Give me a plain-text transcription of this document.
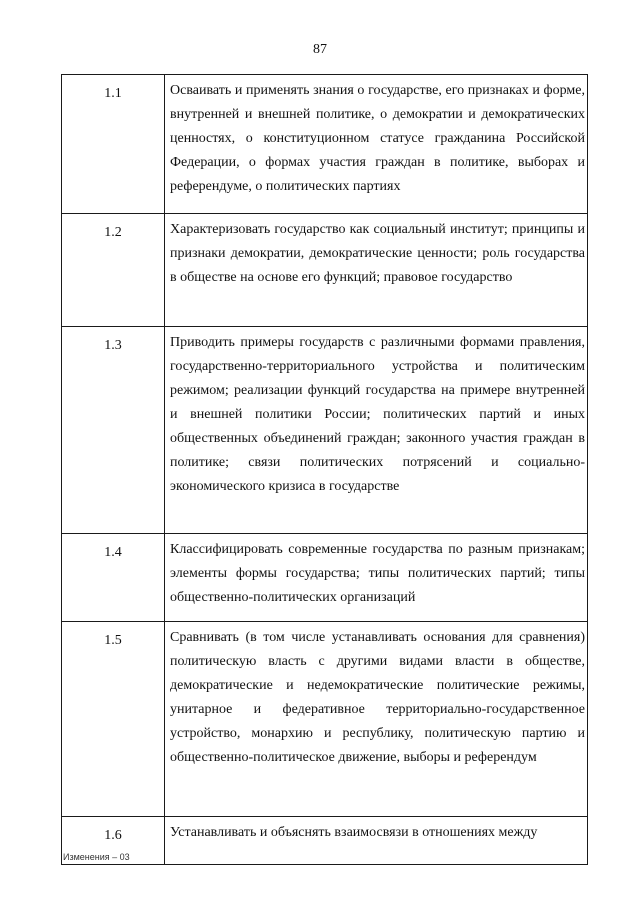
87
1.1	Осваивать и применять знания о государстве, его признаках и форме, внутренней и внешней политике, о демократии и демократических ценностях, о конституционном статусе гражданина Российской Федерации, о формах участия граждан в политике, выборах и референдуме, о политических партиях
1.2	Характеризовать государство как социальный институт; принципы и признаки демократии, демократические ценности; роль государства в обществе на основе его функций; правовое государство
1.3	Приводить примеры государств с различными формами правления, государственно-территориального устройства и политическим режимом; реализации функций государства на примере внутренней и внешней политики России; политических партий и иных общественных объединений граждан; законного участия граждан в политике; связи политических потрясений и социально-экономического кризиса в государстве
1.4	Классифицировать современные государства по разным признакам; элементы формы государства; типы политических партий; типы общественно-политических организаций
1.5	Сравнивать (в том числе устанавливать основания для сравнения) политическую власть с другими видами власти в обществе, демократические и недемократические политические режимы, унитарное и федеративное территориально-государственное устройство, монархию и республику, политическую партию и общественно-политическое движение, выборы и референдум
1.6	Устанавливать и объяснять взаимосвязи в отношениях между
Изменения – 03
